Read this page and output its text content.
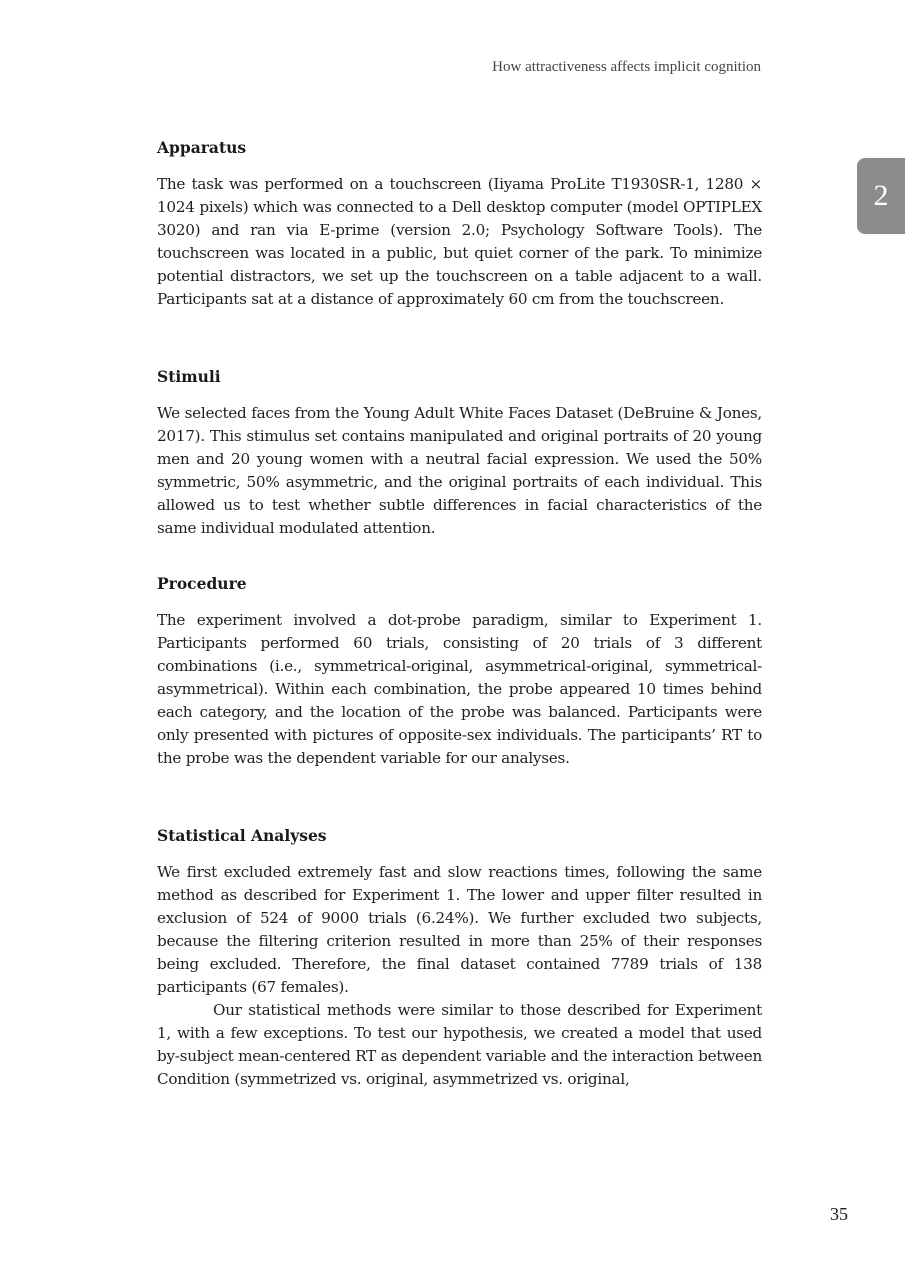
How attractiveness affects implicit cognition
2
Apparatus

The task was performed on a touchscreen (Iiyama ProLite T1930SR-1, 1280 × 1024 pixels) which was connected to a Dell desktop computer (model OPTIPLEX 3020) and ran via E-prime (version 2.0; Psychology Software Tools). The touchscreen was located in a public, but quiet corner of the park. To minimize potential distractors, we set up the touchscreen on a table adjacent to a wall. Participants sat at a distance of approximately 60 cm from the touchscreen.

Stimuli

We selected faces from the Young Adult White Faces Dataset (DeBruine & Jones, 2017). This stimulus set contains manipulated and original portraits of 20 young men and 20 young women with a neutral facial expression. We used the 50% symmetric, 50% asymmetric, and the original portraits of each individual. This allowed us to test whether subtle differences in facial characteristics of the same individual modulated attention.

Procedure

The experiment involved a dot-probe paradigm, similar to Experiment 1. Participants performed 60 trials, consisting of 20 trials of 3 different combinations (i.e., symmetrical-original, asymmetrical-original, symmetrical-asymmetrical). Within each combination, the probe appeared 10 times behind each category, and the location of the probe was balanced. Participants were only presented with pictures of opposite-sex individuals. The participants’ RT to the probe was the dependent variable for our analyses.

Statistical Analyses

We first excluded extremely fast and slow reactions times, following the same method as described for Experiment 1. The lower and upper filter resulted in exclusion of 524 of 9000 trials (6.24%). We further excluded two subjects, because the filtering criterion resulted in more than 25% of their responses being excluded. Therefore, the final dataset contained 7789 trials of 138 participants (67 females).

Our statistical methods were similar to those described for Experiment 1, with a few exceptions. To test our hypothesis, we created a model that used by-subject mean-centered RT as dependent variable and the interaction between Condition (symmetrized vs. original, asymmetrized vs. original,

35
